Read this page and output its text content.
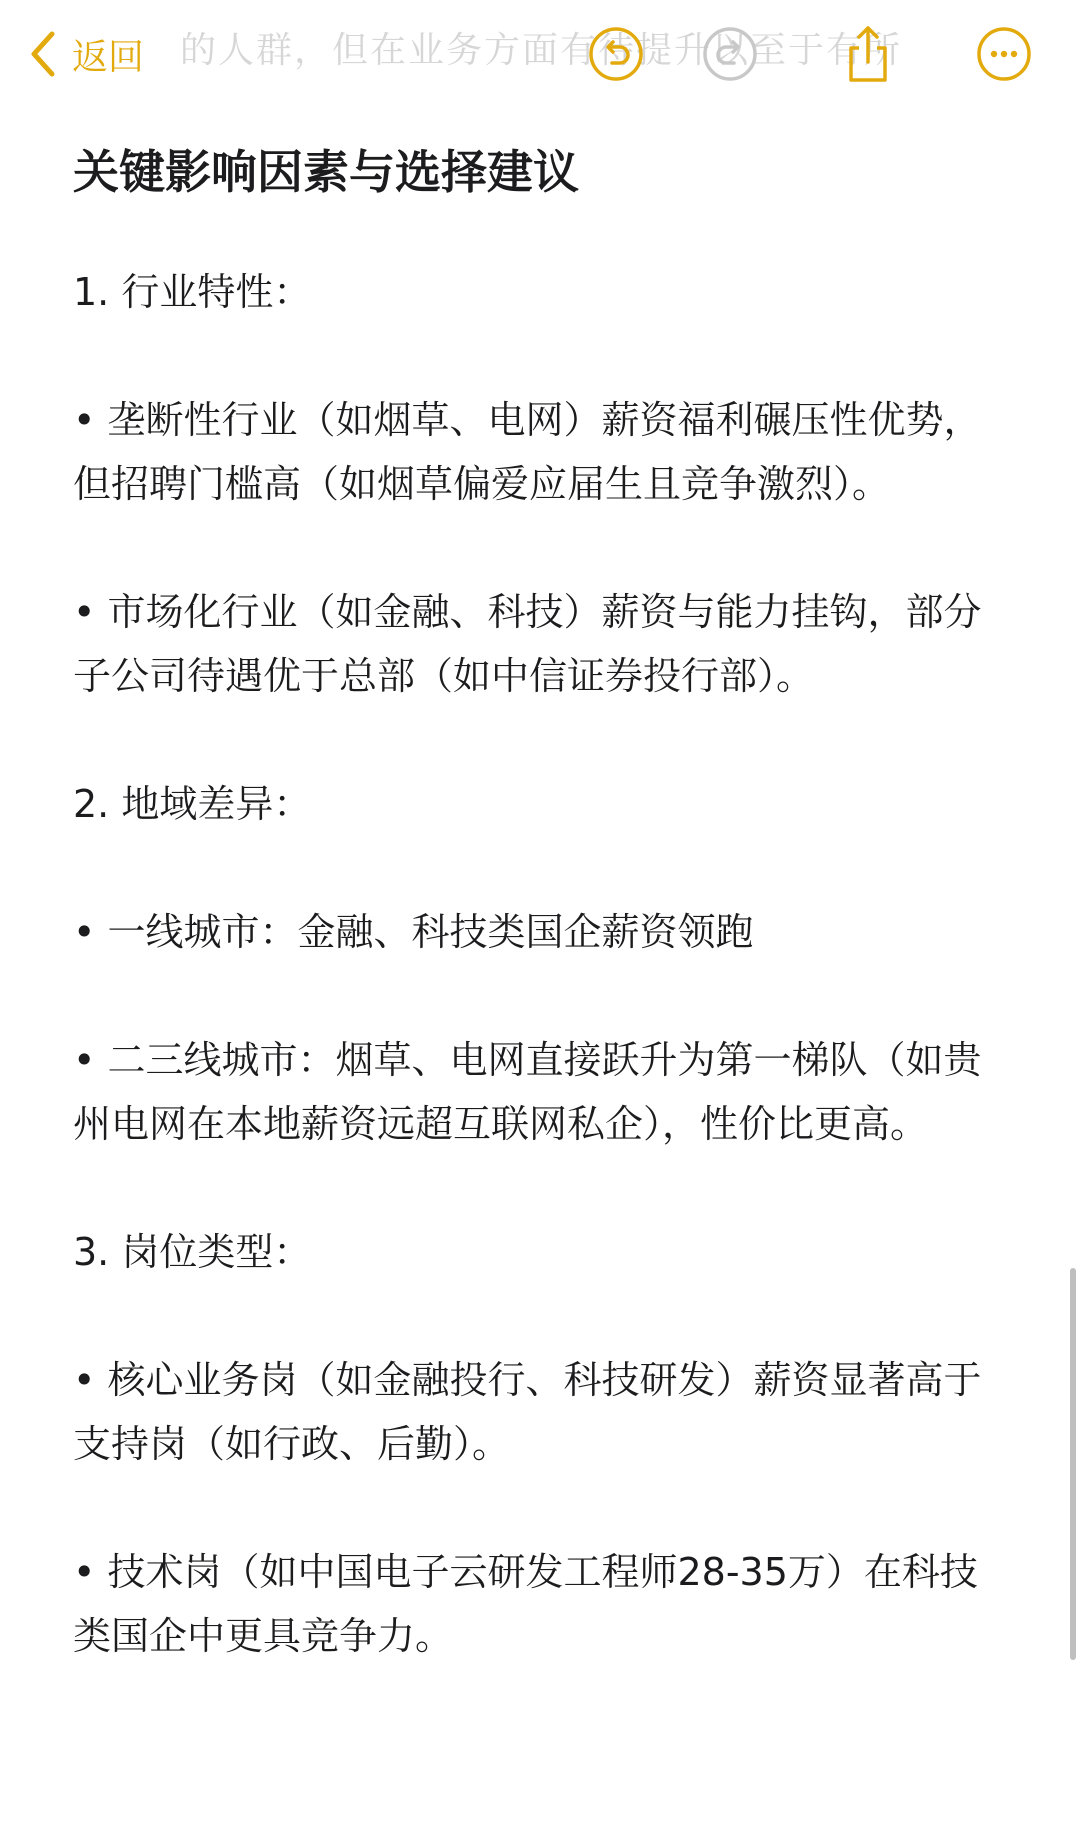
的人群，但在业务方面有待提升以至于有所
返回
关键影响因素与选择建议
1. 行业特性：
• 垄断性行业（如烟草、电网）薪资福利碾压性优势，但招聘门槛高（如烟草偏爱应届生且竞争激烈）。
• 市场化行业（如金融、科技）薪资与能力挂钩，部分子公司待遇优于总部（如中信证券投行部）。
2. 地域差异：
• 一线城市：金融、科技类国企薪资领跑
• 二三线城市：烟草、电网直接跃升为第一梯队（如贵州电网在本地薪资远超互联网私企），性价比更高。
3. 岗位类型：
• 核心业务岗（如金融投行、科技研发）薪资显著高于支持岗（如行政、后勤）。
• 技术岗（如中国电子云研发工程师28-35万）在科技类国企中更具竞争力。
